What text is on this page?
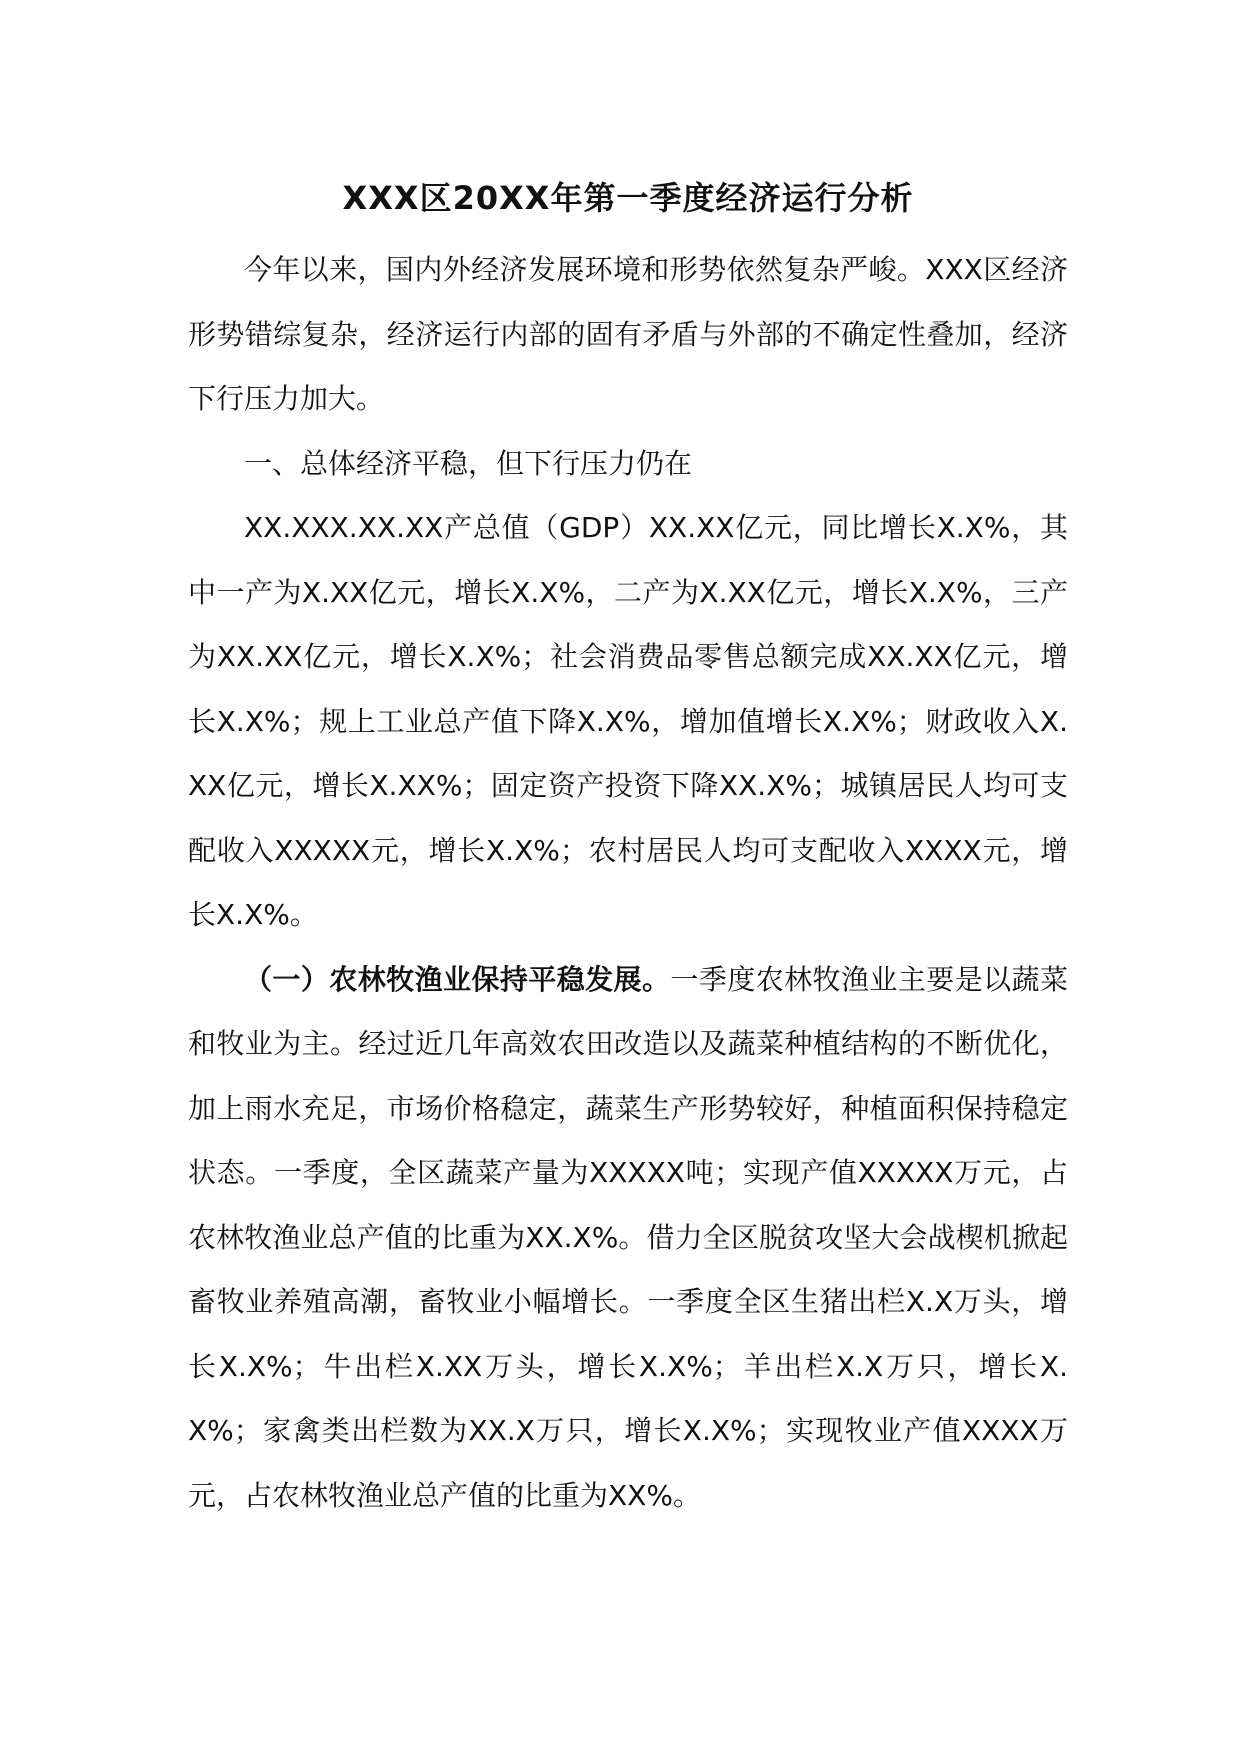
XXX区20XX年第一季度经济运行分析

今年以来，国内外经济发展环境和形势依然复杂严峻。XXX区经济形势错综复杂，经济运行内部的固有矛盾与外部的不确定性叠加，经济下行压力加大。

一、总体经济平稳，但下行压力仍在

XX.XXX.XX.XX产总值（GDP）XX.XX亿元，同比增长X.X%，其中一产为X.XX亿元，增长X.X%，二产为X.XX亿元，增长X.X%，三产为XX.XX亿元，增长X.X%；社会消费品零售总额完成XX.XX亿元，增长X.X%；规上工业总产值下降X.X%，增加值增长X.X%；财政收入X.XX亿元，增长X.XX%；固定资产投资下降XX.X%；城镇居民人均可支配收入XXXXX元，增长X.X%；农村居民人均可支配收入XXXX元，增长X.X%。

（一）农林牧渔业保持平稳发展。一季度农林牧渔业主要是以蔬菜和牧业为主。经过近几年高效农田改造以及蔬菜种植结构的不断优化，加上雨水充足，市场价格稳定，蔬菜生产形势较好，种植面积保持稳定状态。一季度，全区蔬菜产量为XXXXX吨；实现产值XXXXX万元，占农林牧渔业总产值的比重为XX.X%。借力全区脱贫攻坚大会战楔机掀起畜牧业养殖高潮，畜牧业小幅增长。一季度全区生猪出栏X.X万头，增长X.X%；牛出栏X.XX万头，增长X.X%；羊出栏X.X万只，增长X.X%；家禽类出栏数为XX.X万只，增长X.X%；实现牧业产值XXXX万元，占农林牧渔业总产值的比重为XX%。
